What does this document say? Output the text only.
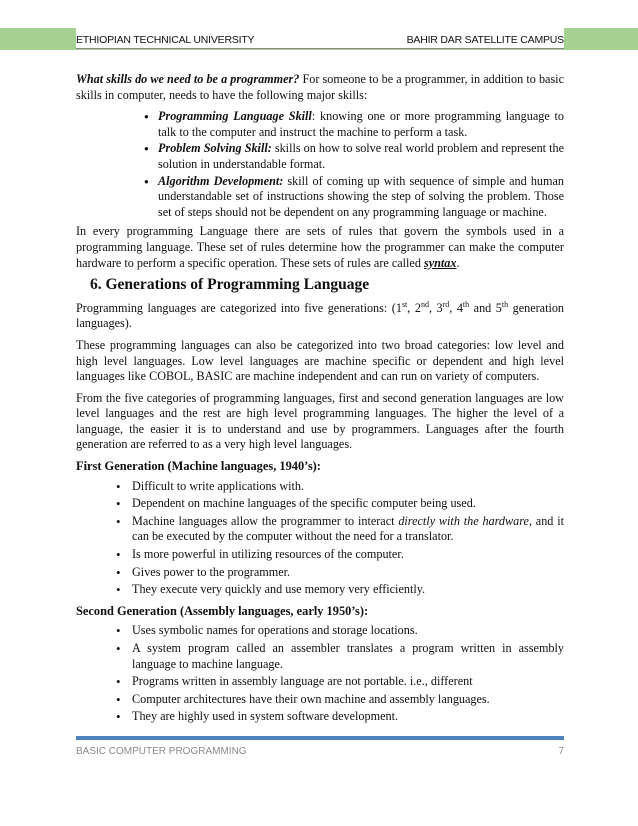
ETHIOPIAN TECHNICAL UNIVERSITY	BAHIR DAR SATELLITE CAMPUS

What skills do we need to be a programmer? For someone to be a programmer, in addition to basic skills in computer, needs to have the following major skills:

● Programming Language Skill: knowing one or more programming language to talk to the computer and instruct the machine to perform a task.
● Problem Solving Skill: skills on how to solve real world problem and represent the solution in understandable format.
● Algorithm Development: skill of coming up with sequence of simple and human understandable set of instructions showing the step of solving the problem. Those set of steps should not be dependent on any programming language or machine.

In every programming Language there are sets of rules that govern the symbols used in a programming language. These set of rules determine how the programmer can make the computer hardware to perform a specific operation. These sets of rules are called syntax.

6. Generations of Programming Language

Programming languages are categorized into five generations: (1st, 2nd, 3rd, 4th and 5th generation languages).

These programming languages can also be categorized into two broad categories: low level and high level languages. Low level languages are machine specific or dependent and high level languages like COBOL, BASIC are machine independent and can run on variety of computers.

From the five categories of programming languages, first and second generation languages are low level languages and the rest are high level programming languages. The higher the level of a language, the easier it is to understand and use by programmers. Languages after the fourth generation are referred to as a very high level languages.

First Generation (Machine languages, 1940’s):
• Difficult to write applications with.
• Dependent on machine languages of the specific computer being used.
• Machine languages allow the programmer to interact directly with the hardware, and it can be executed by the computer without the need for a translator.
• Is more powerful in utilizing resources of the computer.
• Gives power to the programmer.
• They execute very quickly and use memory very efficiently.
Second Generation (Assembly languages, early 1950’s):
• Uses symbolic names for operations and storage locations.
• A system program called an assembler translates a program written in assembly language to machine language.
• Programs written in assembly language are not portable. i.e., different
• Computer architectures have their own machine and assembly languages.
• They are highly used in system software development.
BASIC COMPUTER PROGRAMMING	7
